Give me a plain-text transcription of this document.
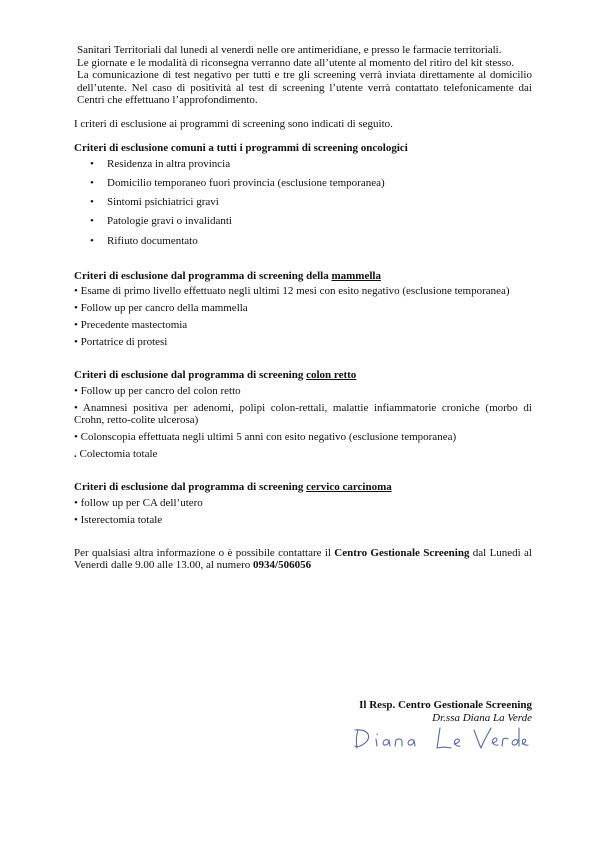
Sanitari Territoriali dal lunedì al venerdì nelle ore antimeridiane, e presso le farmacie territoriali.

Le giornate e le modalità di riconsegna verranno date all’utente al momento del ritiro del kit stesso.

La comunicazione di test negativo per tutti e tre gli screening verrà inviata direttamente al domicilio dell’utente. Nel caso di positività al test di screening l’utente verrà contattato telefonicamente dai Centri che effettuano l’approfondimento.

I criteri di esclusione ai programmi di screening sono indicati di seguito.

Criteri di esclusione comuni a tutti i programmi di screening oncologici

• Residenza in altra provincia
• Domicilio temporaneo fuori provincia (esclusione temporanea)
• Sintomi psichiatrici gravi
• Patologie gravi o invalidanti
• Rifiuto documentato

Criteri di esclusione dal programma di screening della mammella

• Esame di primo livello effettuato negli ultimi 12 mesi con esito negativo (esclusione temporanea)
• Follow up per cancro della mammella
• Precedente mastectomia
• Portatrice di protesi

Criteri di esclusione dal programma di screening colon retto

• Follow up per cancro del colon retto
• Anamnesi positiva per adenomi, polipi colon-rettali, malattie infiammatorie croniche (morbo di Crohn, retto-colite ulcerosa)
• Colonscopia effettuata negli ultimi 5 anni con esito negativo (esclusione temporanea)
. Colectomia totale

Criteri di esclusione dal programma di screening cervico carcinoma

• follow up per CA dell’utero
• Isterectomia totale

Per qualsiasi altra informazione o è possibile contattare il Centro Gestionale Screening dal Lunedì al Venerdì dalle 9.00 alle 13.00, al numero 0934/506056

Il Resp. Centro Gestionale Screening
Dr.ssa Diana La Verde
